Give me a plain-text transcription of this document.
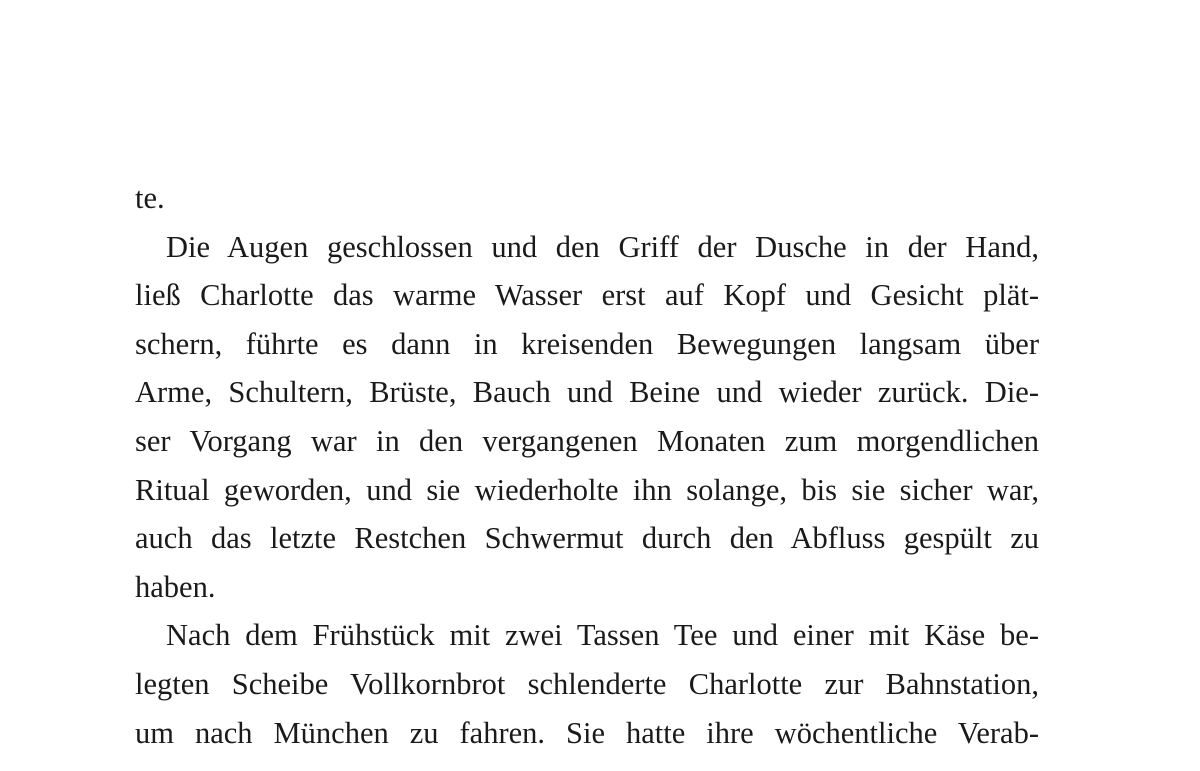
te.
Die Augen geschlossen und den Griff der Dusche in der Hand,
ließ Charlotte das warme Wasser erst auf Kopf und Gesicht plät-
schern, führte es dann in kreisenden Bewegungen langsam über
Arme, Schultern, Brüste, Bauch und Beine und wieder zurück. Die-
ser Vorgang war in den vergangenen Monaten zum morgendlichen
Ritual geworden, und sie wiederholte ihn solange, bis sie sicher war,
auch das letzte Restchen Schwermut durch den Abfluss gespült zu
haben.
Nach dem Frühstück mit zwei Tassen Tee und einer mit Käse be-
legten Scheibe Vollkornbrot schlenderte Charlotte zur Bahnstation,
um nach München zu fahren. Sie hatte ihre wöchentliche Verab-
